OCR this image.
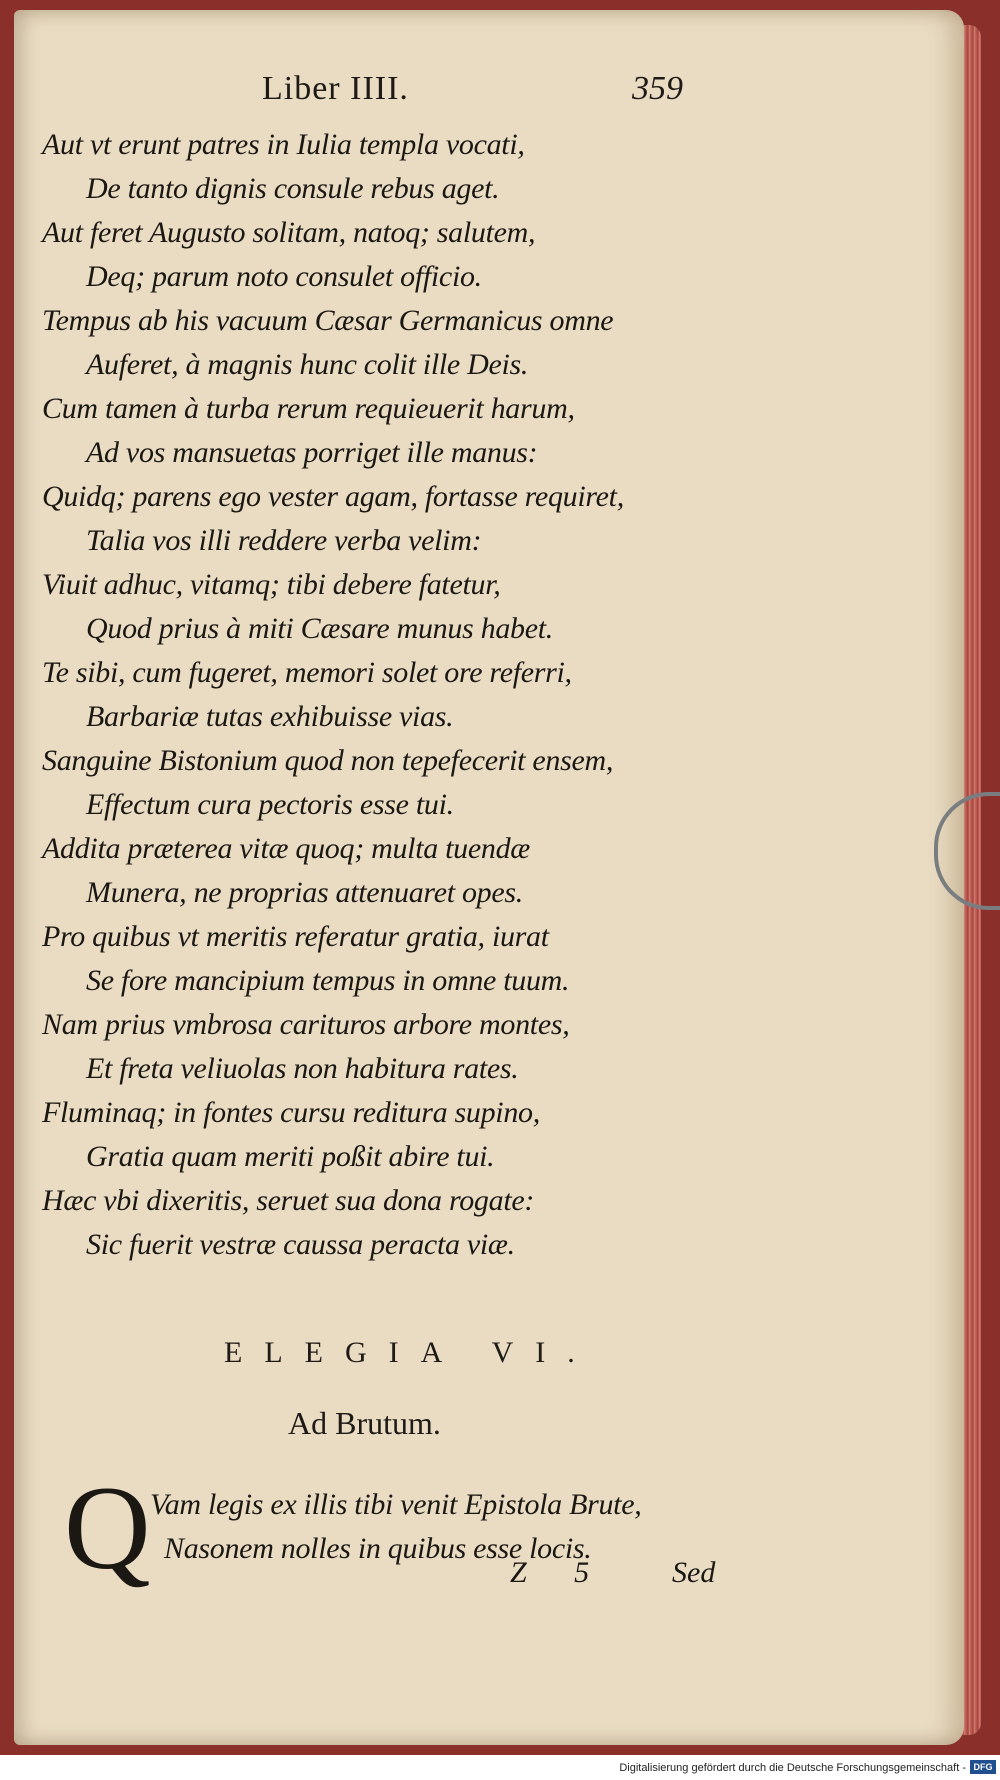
Liber IIII.	359
Aut vt erunt patres in Iulia templa vocati,
De tanto dignis consule rebus aget.
Aut feret Augusto solitam, natoq; salutem,
Deq; parum noto consulet officio.
Tempus ab his vacuum Cæsar Germanicus omne
Auferet, à magnis hunc colit ille Deis.
Cum tamen à turba rerum requieuerit harum,
Ad vos mansuetas porriget ille manus:
Quidq; parens ego vester agam, fortasse requiret,
Talia vos illi reddere verba velim:
Viuit adhuc, vitamq; tibi debere fatetur,
Quod prius à miti Cæsare munus habet.
Te sibi, cum fugeret, memori solet ore referri,
Barbariæ tutas exhibuisse vias.
Sanguine Bistonium quod non tepefecerit ensem,
Effectum cura pectoris esse tui.
Addita præterea vitæ quoq; multa tuendæ
Munera, ne proprias attenuaret opes.
Pro quibus vt meritis referatur gratia, iurat
Se fore mancipium tempus in omne tuum.
Nam prius vmbrosa carituros arbore montes,
Et freta veliuolas non habitura rates.
Fluminaq; in fontes cursu reditura supino,
Gratia quam meriti poßit abire tui.
Hæc vbi dixeritis, seruet sua dona rogate:
Sic fuerit vestræ caussa peracta viæ.
ELEGIA VI.
Ad Brutum.
Q Vam legis ex illis tibi venit Epistola Brute,
Nasonem nolles in quibus esse locis.
Z 5 Sed
Digitalisierung gefördert durch die Deutsche Forschungsgemeinschaft - DFG
